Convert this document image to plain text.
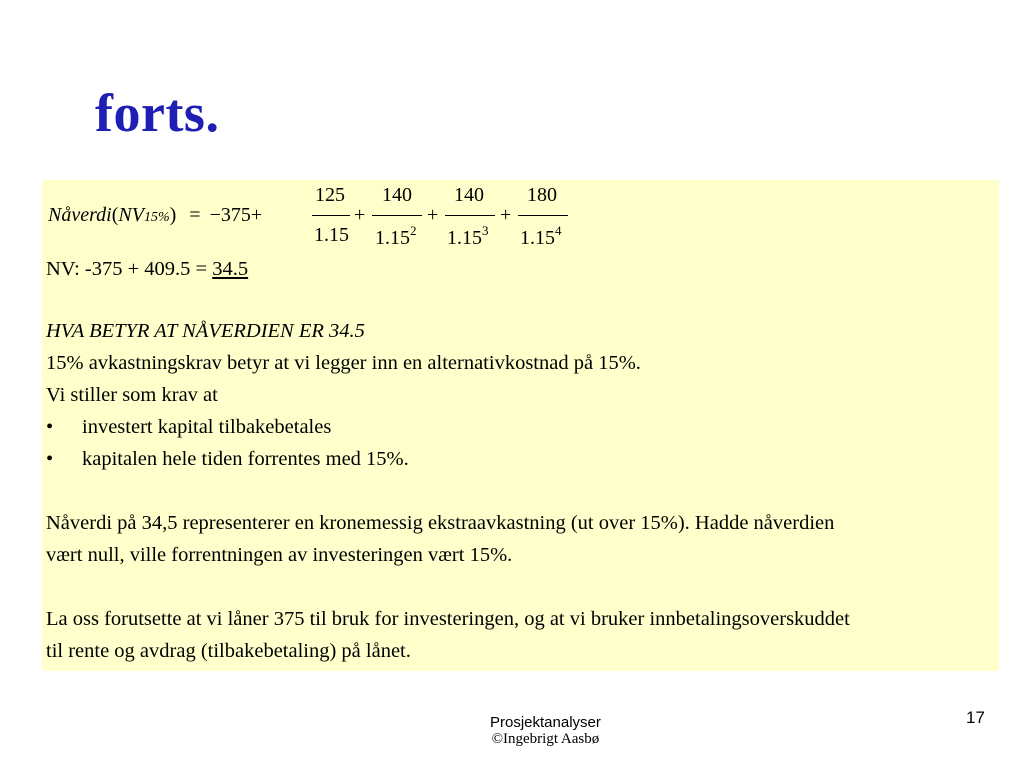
forts.
Nåverdi(NV15%) = −375+
125
1.15
+
140
$1.15^2$
+
140
$1.15^3$
+
180
1.15$^4$
NV: -375 + 409.5 = 34.5
HVA BETYR AT NÅVERDIEN ER 34.5
15% avkastningskrav betyr at vi legger inn en alternativkostnad på 15%.
Vi stiller som krav at
• investert kapital tilbakebetales
• kapitalen hele tiden forrentes med 15%.
Nåverdi på 34,5 representerer en kronemessig ekstraavkastning (ut over 15%). Hadde nåverdien
vært null, ville forrentningen av investeringen vært 15%.
La oss forutsette at vi låner 375 til bruk for investeringen, og at vi bruker innbetalingsoverskuddet
til rente og avdrag (tilbakebetaling) på lånet.
Prosjektanalyser
©Ingebrigt Aasbø
17
